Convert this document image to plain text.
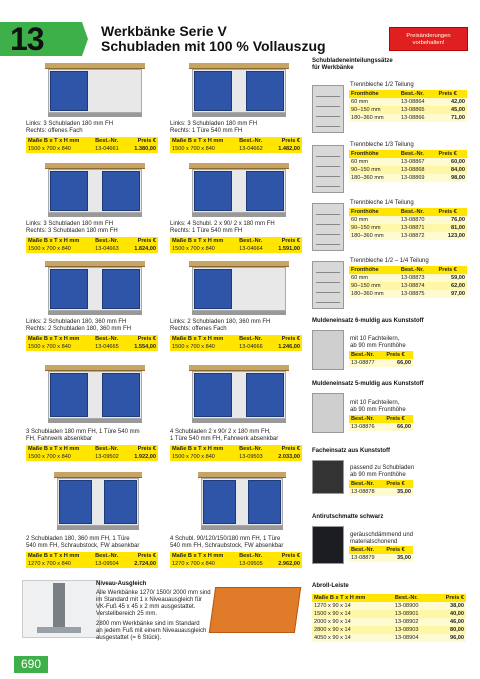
13	Werkbänke Serie V
Schubladen mit 100 % Vollauszug
Preisänderungen
vorbehalten!
Links: 3 Schubladen 180 mm FH
Rechts: offenes Fach
Maße B x T x H mm	Best.-Nr.	Preis €
1500 x 700 x 840	13-04661	1.380,00
Links: 3 Schubladen 180 mm FH
Rechts: 1 Türe 540 mm FH
Maße B x T x H mm	Best.-Nr.	Preis €
1500 x 700 x 840	13-04662	1.482,00
Links: 3 Schubladen 180 mm FH
Rechts: 3 Schubladen 180 mm FH
Maße B x T x H mm	Best.-Nr.	Preis €
1500 x 700 x 840	13-04663	1.824,00
Links: 4 Schubl. 2 x 90/ 2 x 180 mm FH
Rechts: 1 Türe 540 mm FH
Maße B x T x H mm	Best.-Nr.	Preis €
1500 x 700 x 840	13-04664	1.591,00
Links: 2 Schubladen 180, 360 mm FH
Rechts: 2 Schubladen 180, 360 mm FH
Maße B x T x H mm	Best.-Nr.	Preis €
1500 x 700 x 840	13-04665	1.554,00
Links: 2 Schubladen 180, 360 mm FH
Rechts: offenes Fach
Maße B x T x H mm	Best.-Nr.	Preis €
1500 x 700 x 840	13-04666	1.246,00
3 Schubladen 180 mm FH, 1 Türe 540 mm
FH, Fahrwerk absenkbar
Maße B x T x H mm	Best.-Nr.	Preis €
1500 x 700 x 840	13-09502	1.922,00
4 Schubladen 2 x 90/ 2 x 180 mm FH,
1 Türe 540 mm FH, Fahrwerk absenkbar
Maße B x T x H mm	Best.-Nr.	Preis €
1500 x 700 x 840	13-09503	2.033,00
2 Schubladen 180, 360 mm FH, 1 Türe
540 mm FH, Schraubstock, FW absenkbar
Maße B x T x H mm	Best.-Nr.	Preis €
1270 x 700 x 840	13-09504	2.724,00
4 Schubl. 90/120/150/180 mm FH, 1 Türe
540 mm FH, Schraubstock, FW absenkbar
Maße B x T x H mm	Best.-Nr.	Preis €
1270 x 700 x 840	13-09505	2.962,00
Niveau-Ausgleich
Alle Werkbänke 1270/ 1500/ 2000 mm sind
im Standard mit 1 x Niveauausgleich für
VK-Fuß 45 x 45 x 2 mm ausgestattet.
Verstellbereich 25 mm.
2800 mm Werkbänke sind im Standard
an jedem Fuß mit einem Niveauausgleich
ausgestattet (= 6 Stück).
Schubladeneinteilungssätze
für Werkbänke
Trennbleche 1/2 Teilung
Fronthöhe	Best.-Nr.	Preis €
60 mm	13-08864	42,00
90–150 mm	13-08865	45,00
180–360 mm	13-08866	71,00
Trennbleche 1/3 Teilung
Fronthöhe	Best.-Nr.	Preis €
60 mm	13-08867	60,00
90–150 mm	13-08868	84,00
180–360 mm	13-08869	98,00
Trennbleche 1/4 Teilung
Fronthöhe	Best.-Nr.	Preis €
60 mm	13-08870	76,00
90–150 mm	13-08871	81,00
180–360 mm	13-08872	123,00
Trennbleche 1/2 – 1/4 Teilung
Fronthöhe	Best.-Nr.	Preis €
60 mm	13-08873	59,00
90–150 mm	13-08874	62,00
180–360 mm	13-08875	97,00
Muldeneinsatz 6-muldig aus Kunststoff
mit 10 Fachteilern,
ab 90 mm Fronthöhe
Best.-Nr.	Preis €
13-08877	66,00
Muldeneinsatz 5-muldig aus Kunststoff
mit 10 Fachteilern,
ab 90 mm Fronthöhe
Best.-Nr.	Preis €
13-08876	66,00
Facheinsatz aus Kunststoff
passend zu Schubladen
ab 90 mm Fronthöhe
Best.-Nr.	Preis €
13-08878	35,00
Antirutschmatte schwarz
geräuschdämmend und
materialschonend
Best.-Nr.	Preis €
13-08879	35,00
Abroll-Leiste
Maße B x T x H mm	Best.-Nr.	Preis €
1270 x 90 x 14	13-08900	38,00
1500 x 90 x 14	13-08901	40,00
2000 x 90 x 14	13-08902	46,00
2800 x 90 x 14	13-08903	80,00
4050 x 90 x 14	13-08904	96,00
690
